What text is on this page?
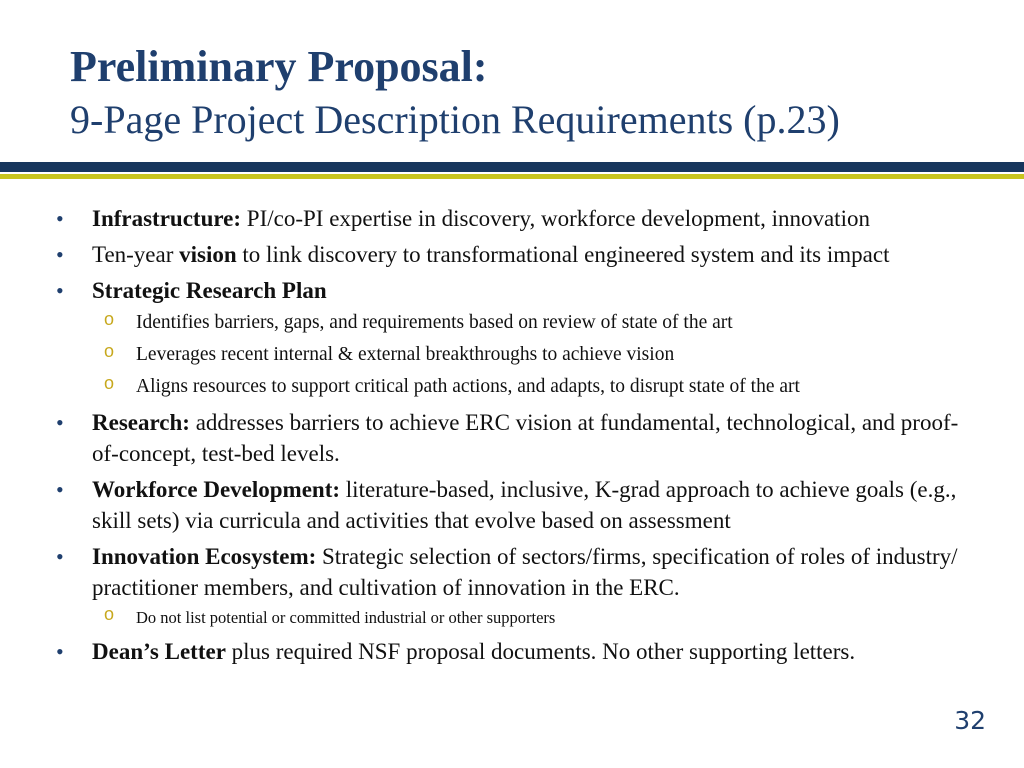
Preliminary Proposal:

9-Page Project Description Requirements (p.23)

• Infrastructure: PI/co-PI expertise in discovery, workforce development, innovation
• Ten-year vision to link discovery to transformational engineered system and its impact
• Strategic Research Plan
o Identifies barriers, gaps, and requirements based on review of state of the art
o Leverages recent internal & external breakthroughs to achieve vision
o Aligns resources to support critical path actions, and adapts, to disrupt state of the art
• Research: addresses barriers to achieve ERC vision at fundamental, technological, and proof-of-concept, test-bed levels.
• Workforce Development: literature-based, inclusive, K-grad approach to achieve goals (e.g., skill sets) via curricula and activities that evolve based on assessment
• Innovation Ecosystem: Strategic selection of sectors/firms, specification of roles of industry/ practitioner members, and cultivation of innovation in the ERC.
o Do not list potential or committed industrial or other supporters
• Dean’s Letter plus required NSF proposal documents. No other supporting letters.
32
